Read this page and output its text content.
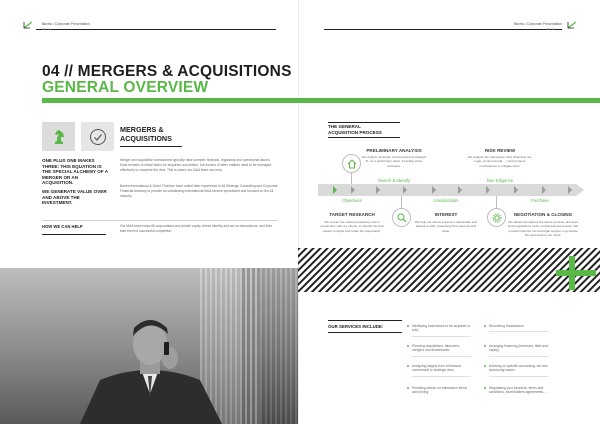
Baxtra • Corporate Presentation
04 | 11
Baxtra • Corporate Presentation
05 | 11
04 // MERGERS & ACQUISITIONS
GENERAL OVERVIEW
MERGERS &
ACQUISITIONS
ONE PLUS ONE MAKES THREE: THIS EQUATION IS THE SPECIAL ALCHEMY OF A MERGER OR AN ACQUISITION.
WE GENERATE VALUE OVER AND ABOVE THE INVESTMENT.
Merger and acquisition transactions typically raise complex financial, regulatory and operational issues. Most remains a critical factor for acquirers and sellers, but dozens of other matters need to be managed effectively to complete the deal. This is where our M&A team can help.
Baxtra International & Grant Thornton have united their experience in All Strategic Consulting and Corporate Financial Advisory to provide an outstanding international M&A service specialized and focused on the All industry.
HOW WE CAN HELP	Our M&A team helps All corporations and private equity clients identify and act on transactions, and then take them to successful completion.
THE GENERAL
ACQUISITION PROCESS
PRELIMINARY ANALYSIS
We analyze financial, commercial and strategic fit, on a preliminary basis, including value estimates.
Search & Identify
RISK REVIEW
We analyze the transaction risks (financial, tax, legal, environmental, ...) and propose mechanisms to mitigate them.
Due Diligence
Objectives
TARGET RESEARCH
We screen the market proactively and in conjunction with our clients, to identify the best assets to target and retain the opportunity.
Unsolicitation
INTEREST
We help our clients present a reasonable and attractive offer, protecting their interests and value.
Purchase
NEGOTIATION & CLOSING
We advise throughout the whole process, and lead final negotiations of the contractual documents. We provide financial, tax and legal support to generate the best deal for our client.
OUR SERVICES INCLUDE:	Identifying businesses to be acquired or sold.
Planning acquisitions, takeovers, mergers and divestments.
Analyzing targets from a financial, commercial or strategic view.
Providing advice on transaction terms and pricing.
Structuring transactions.
Arranging financing (revenues, debt and equity).
Advising on specific accounting, tax and structuring issues.
Negotiating your structure, terms and conditions, shareholders agreements, ...
